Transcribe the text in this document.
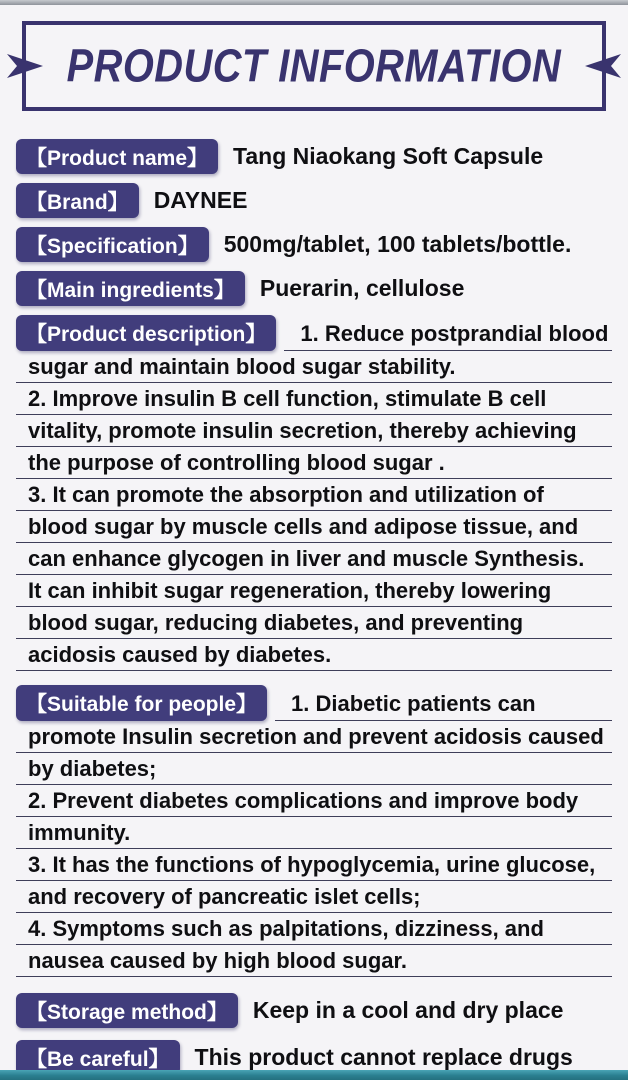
PRODUCT INFORMATION
【Product name】	Tang Niaokang Soft Capsule
【Brand】	DAYNEE
【Specification】	500mg/tablet, 100 tablets/bottle.
【Main ingredients】	Puerarin, cellulose
【Product description】	1. Reduce postprandial blood
sugar and maintain blood sugar stability.
2. Improve insulin B cell function, stimulate B cell
vitality, promote insulin secretion, thereby achieving
the purpose of controlling blood sugar .
3. It can promote the absorption and utilization of
blood sugar by muscle cells and adipose tissue, and
can enhance glycogen in liver and muscle Synthesis.
It can inhibit sugar regeneration, thereby lowering
blood sugar, reducing diabetes, and preventing
acidosis caused by diabetes.
【Suitable for people】	1. Diabetic patients can
promote Insulin secretion and prevent acidosis caused
by diabetes;
2. Prevent diabetes complications and improve body
immunity.
3. It has the functions of hypoglycemia, urine glucose,
and recovery of pancreatic islet cells;
4. Symptoms such as palpitations, dizziness, and
nausea caused by high blood sugar.
【Storage method】	Keep in a cool and dry place
【Be careful】	This product cannot replace drugs
